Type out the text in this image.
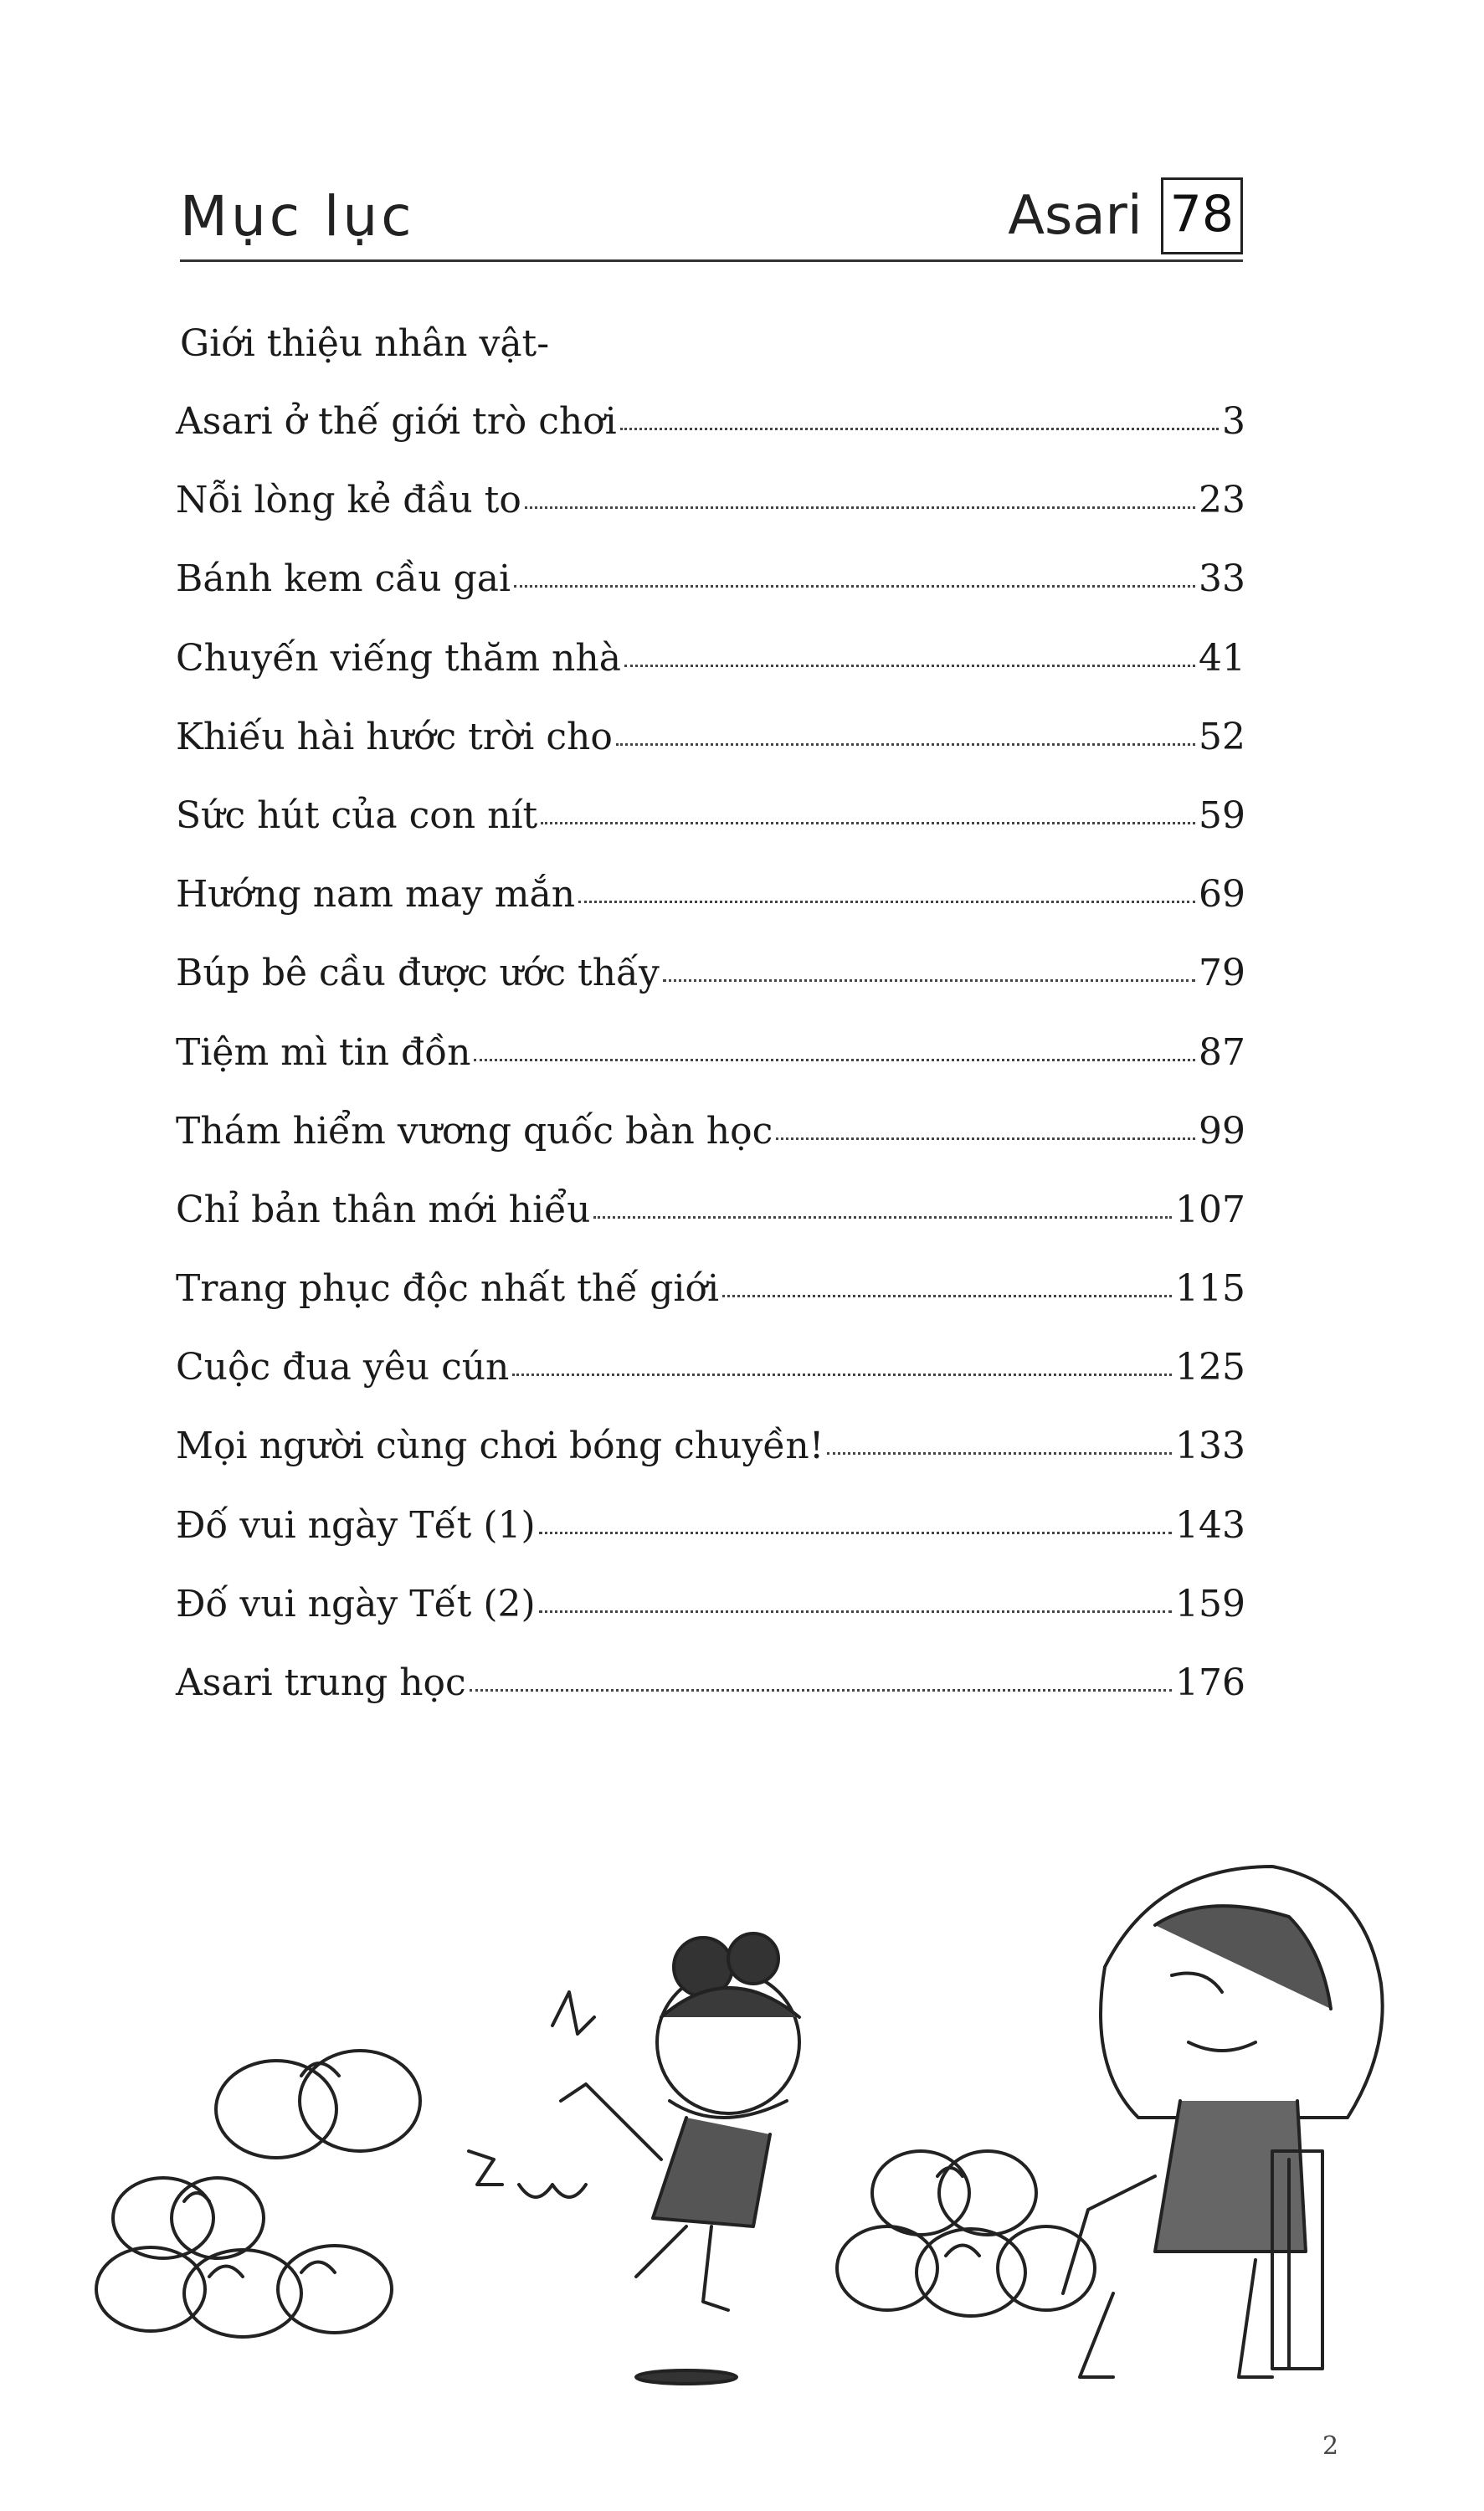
Mục lục	Asari 78
Giới thiệu nhân vật-
Asari ở thế giới trò chơi	3
Nỗi lòng kẻ đầu to	23
Bánh kem cầu gai	33
Chuyến viếng thăm nhà	41
Khiếu hài hước trời cho	52
Sức hút của con nít	59
Hướng nam may mắn	69
Búp bê cầu được ước thấy	79
Tiệm mì tin đồn	87
Thám hiểm vương quốc bàn học	99
Chỉ bản thân mới hiểu	107
Trang phục độc nhất thế giới	115
Cuộc đua yêu cún	125
Mọi người cùng chơi bóng chuyền!	133
Đố vui ngày Tết (1)	143
Đố vui ngày Tết (2)	159
Asari trung học	176
2
